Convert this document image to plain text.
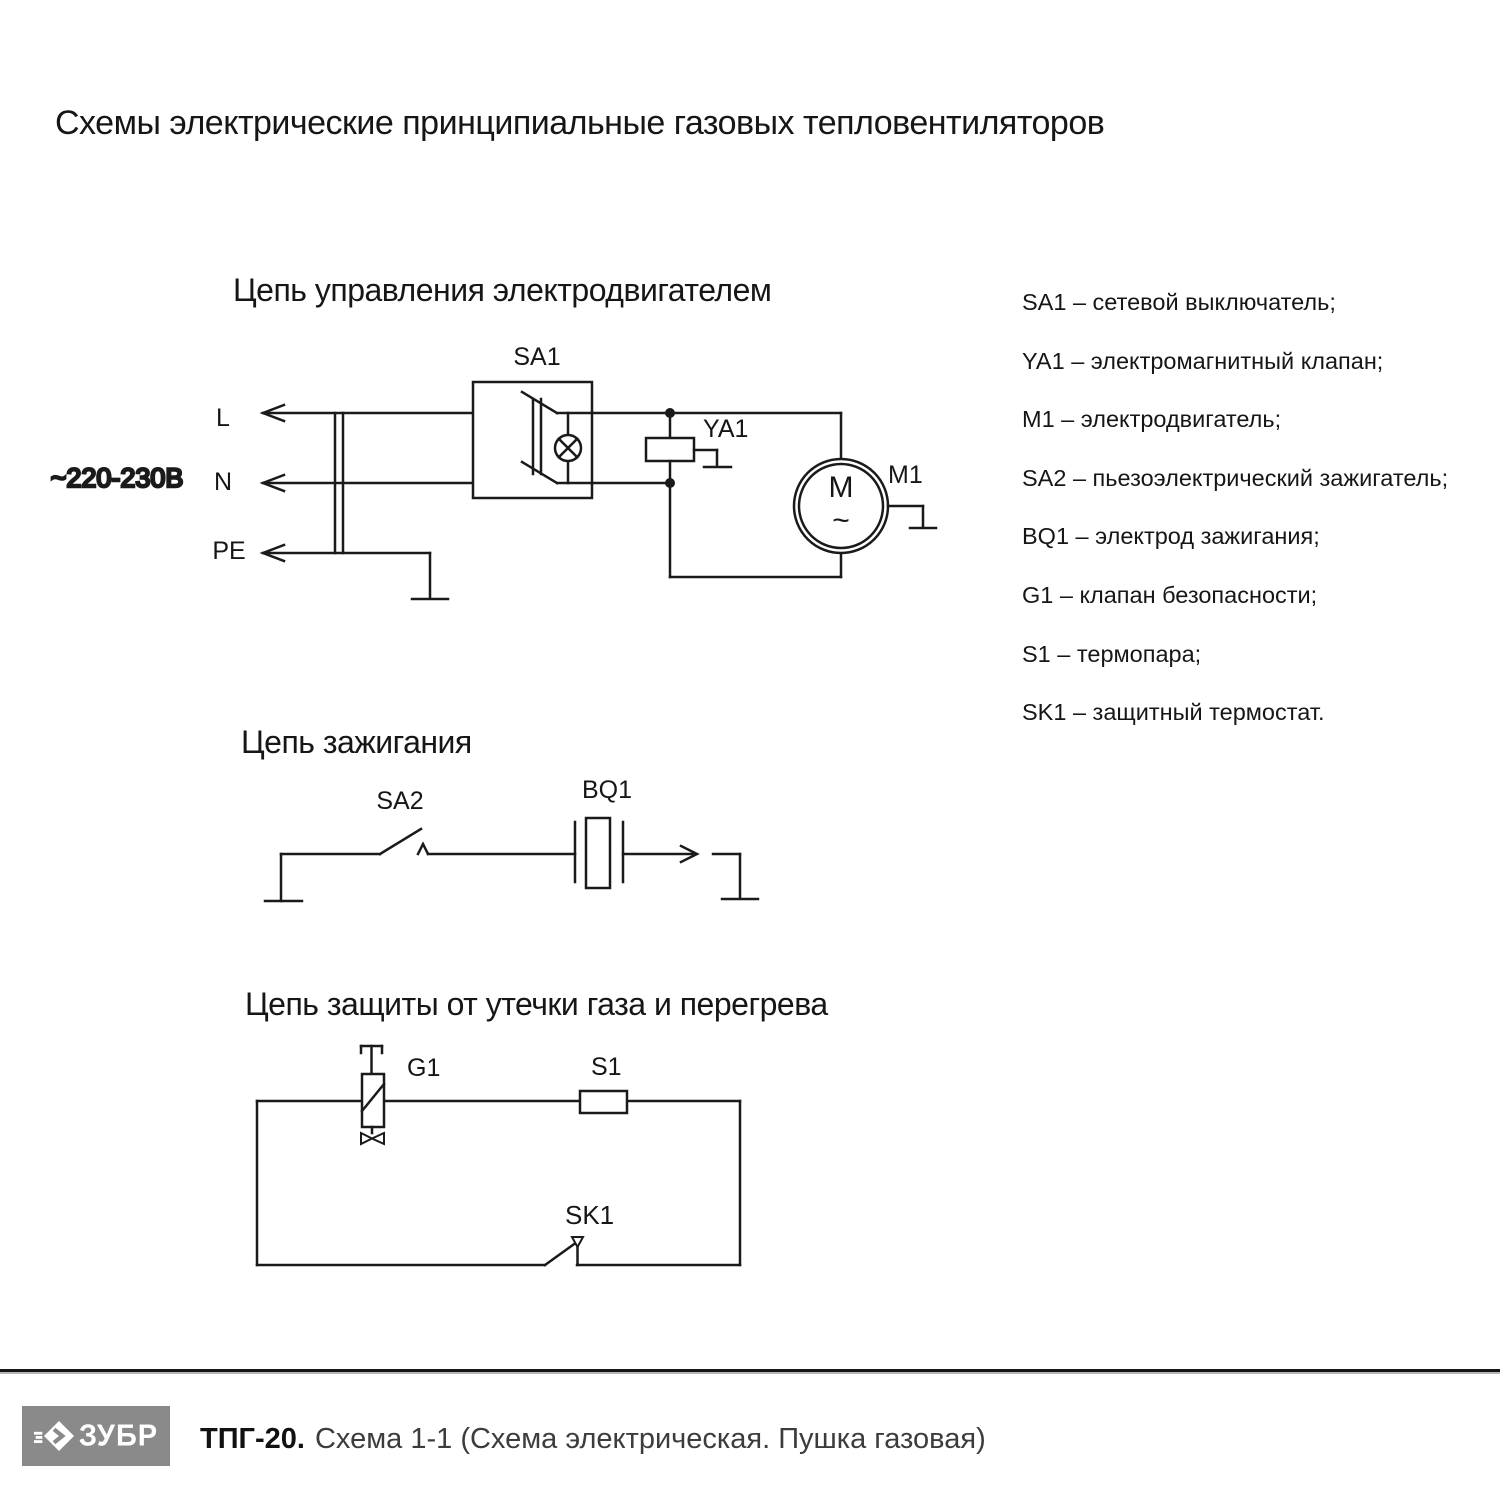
Схемы электрические принципиальные газовых тепловентиляторов
Цепь управления электродвигателем
Цепь зажигания
Цепь защиты от утечки газа и перегрева
~220-230В
L
N
PE
SA1
YA1
M1
M
~
SA2	BQ1
G1	S1
SK1
SA1 – сетевой выключатель;
YA1 – электромагнитный клапан;
M1 – электродвигатель;
SA2 – пьезоэлектрический зажигатель;
BQ1 – электрод зажигания;
G1 – клапан безопасности;
S1 – термопара;
SK1 – защитный термостат.
ЗУБР ТПГ-20. Схема 1-1 (Схема электрическая. Пушка газовая)
